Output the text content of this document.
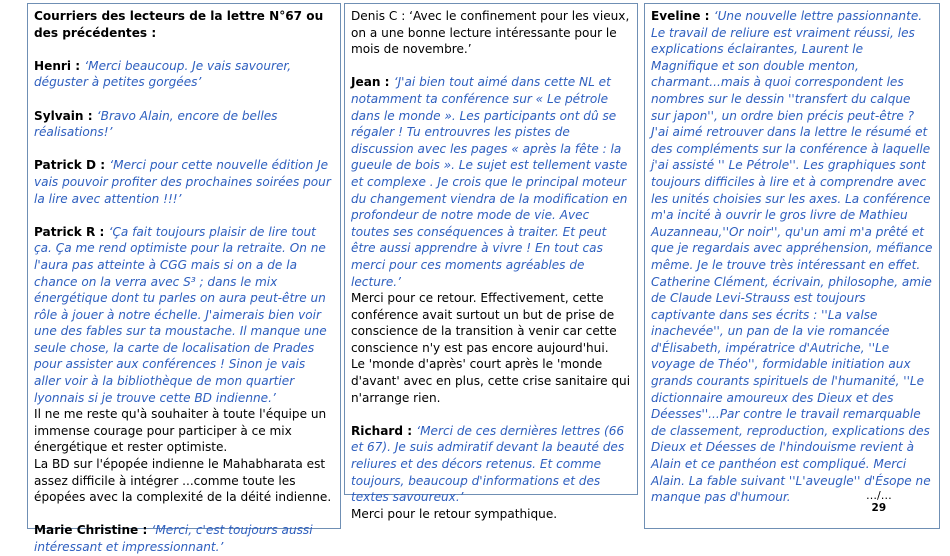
Courriers des lecteurs de la lettre N°67 ou des précédentes :

Henri : ‘Merci beaucoup. Je vais savourer, déguster à petites gorgées’

Sylvain : ‘Bravo Alain, encore de belles réalisations!’

Patrick D : ‘Merci pour cette nouvelle édition Je vais pouvoir profiter des prochaines soirées pour la lire avec attention !!!’

Patrick R : ‘Ça fait toujours plaisir de lire tout ça. Ça me rend optimiste pour la retraite. On ne l'aura pas atteinte à CGG mais si on a de la chance on la verra avec S³ ; dans le mix énergétique dont tu parles on aura peut-être un rôle à jouer à notre échelle. J'aimerais bien voir une des fables sur ta moustache. Il manque une seule chose, la carte de localisation de Prades pour assister aux conférences ! Sinon je vais aller voir à la bibliothèque de mon quartier lyonnais si je trouve cette BD indienne.’

Il ne me reste qu'à souhaiter à toute l'équipe un immense courage pour participer à ce mix énergétique et rester optimiste.

La BD sur l'épopée indienne le Mahabharata est assez difficile à intégrer ...comme toute les épopées avec la complexité de la déité indienne.

Marie Christine : ‘Merci, c'est toujours aussi intéressant et impressionnant.’

Denis C : ‘Avec le confinement pour les vieux, on a une bonne lecture intéressante pour le mois de novembre.’

Jean : ‘J'ai bien tout aimé dans cette NL et notamment ta conférence sur « Le pétrole dans le monde ». Les participants ont dû se régaler ! Tu entrouvres les pistes de discussion avec les pages « après la fête : la gueule de bois ». Le sujet est tellement vaste et complexe . Je crois que le principal moteur du changement viendra de la modification en profondeur de notre mode de vie. Avec toutes ses conséquences à traiter. Et peut être aussi apprendre à vivre ! En tout cas merci pour ces moments agréables de lecture.’

Merci pour ce retour. Effectivement, cette conférence avait surtout un but de prise de conscience de la transition à venir car cette conscience n'y est pas encore aujourd'hui.

Le 'monde d'après' court après le 'monde d'avant' avec en plus, cette crise sanitaire qui n'arrange rien.

Richard : ‘Merci de ces dernières lettres (66 et 67). Je suis admiratif devant la beauté des reliures et des décors retenus. Et comme toujours, beaucoup d'informations et des textes savoureux.’

Merci pour le retour sympathique.

Eveline : ‘Une nouvelle lettre passionnante. Le travail de reliure est vraiment réussi, les explications éclairantes, Laurent le Magnifique et son double menton, charmant...mais à quoi correspondent les nombres sur le dessin ''transfert du calque sur japon'', un ordre bien précis peut-être ? J'ai aimé retrouver dans la lettre le résumé et des compléments sur la conférence à laquelle j'ai assisté '' Le Pétrole''. Les graphiques sont toujours difficiles à lire et à comprendre avec les unités choisies sur les axes. La conférence m'a incité à ouvrir le gros livre de Mathieu Auzanneau,''Or noir'', qu'un ami m'a prêté et que je regardais avec appréhension, méfiance même. Je le trouve très intéressant en effet. Catherine Clément, écrivain, philosophe, amie de Claude Levi-Strauss est toujours captivante dans ses écrits : ''La valse inachevée'', un pan de la vie romancée d'Élisabeth, impératrice d'Autriche, ''Le voyage de Théo'', formidable initiation aux grands courants spirituels de l'humanité, ''Le dictionnaire amoureux des Dieux et des Déesses''...Par contre le travail remarquable de classement, reproduction, explications des Dieux et Déesses de l'hindouisme revient à Alain et ce panthéon est compliqué. Merci Alain. La fable suivant ''L'aveugle'' d'Ésope ne manque pas d'humour.	…/…
29
